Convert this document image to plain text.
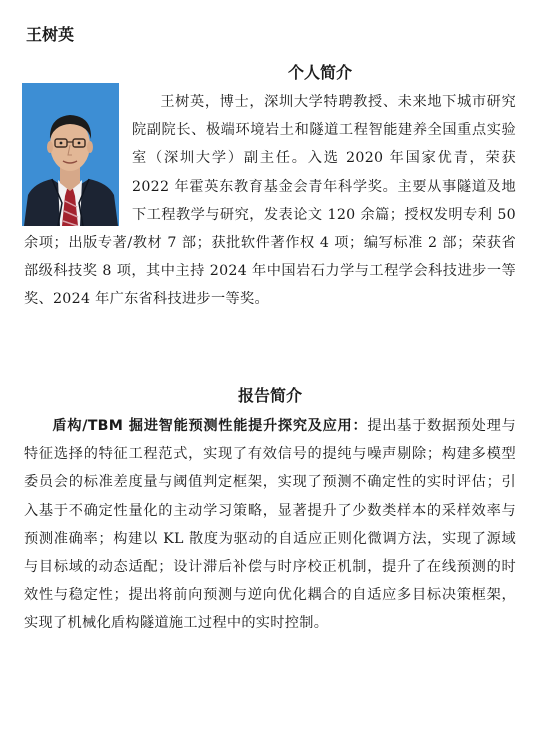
王树英
个人简介
王树英，博士，深圳大学特聘教授、未来地下城市研究院副院长、极端环境岩土和隧道工程智能建养全国重点实验室（深圳大学）副主任。入选 2020 年国家优青，荣获 2022 年霍英东教育基金会青年科学奖。主要从事隧道及地下工程教学与研究，发表论文 120 余篇；授权发明专利 50 余项；出版专著/教材 7 部；获批软件著作权 4 项；编写标准 2 部；荣获省部级科技奖 8 项，其中主持 2024 年中国岩石力学与工程学会科技进步一等奖、2024 年广东省科技进步一等奖。
报告简介
盾构/TBM 掘进智能预测性能提升探究及应用：提出基于数据预处理与特征选择的特征工程范式，实现了有效信号的提纯与噪声剔除；构建多模型委员会的标准差度量与阈值判定框架，实现了预测不确定性的实时评估；引入基于不确定性量化的主动学习策略，显著提升了少数类样本的采样效率与预测准确率；构建以 KL 散度为驱动的自适应正则化微调方法，实现了源域与目标域的动态适配；设计滞后补偿与时序校正机制，提升了在线预测的时效性与稳定性；提出将前向预测与逆向优化耦合的自适应多目标决策框架，实现了机械化盾构隧道施工过程中的实时控制。
